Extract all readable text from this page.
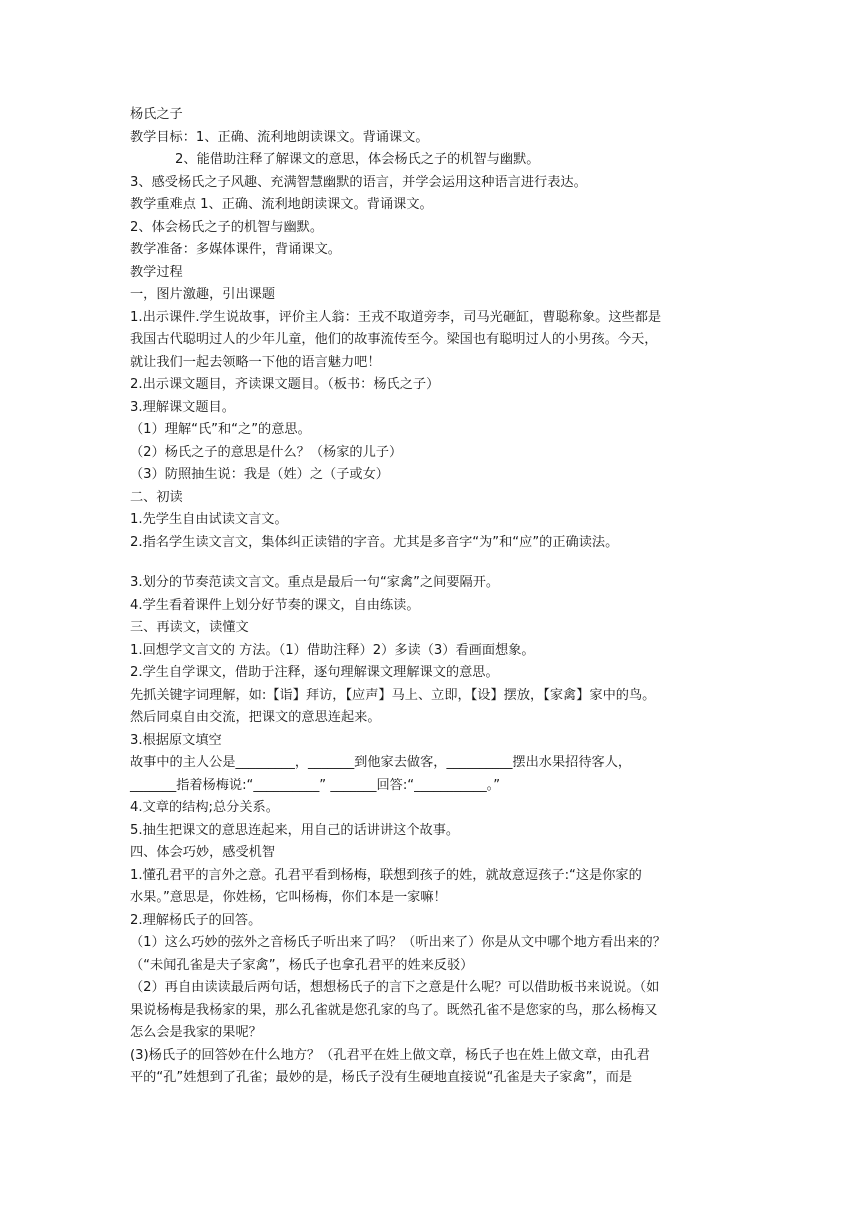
杨氏之子

教学目标：1、正确、流利地朗读课文。背诵课文。

2、能借助注释了解课文的意思，体会杨氏之子的机智与幽默。

3、感受杨氏之子风趣、充满智慧幽默的语言，并学会运用这种语言进行表达。

教学重难点 1、正确、流利地朗读课文。背诵课文。

2、体会杨氏之子的机智与幽默。

教学准备：多媒体课件，背诵课文。

教学过程

一，图片激趣，引出课题

1.出示课件.学生说故事，评价主人翁：王戎不取道旁李，司马光砸缸，曹聪称象。这些都是

我国古代聪明过人的少年儿童，他们的故事流传至今。梁国也有聪明过人的小男孩。今天，

就让我们一起去领略一下他的语言魅力吧！

2.出示课文题目，齐读课文题目。（板书：杨氏之子）

3.理解课文题目。

（1）理解“氏”和“之”的意思。

（2）杨氏之子的意思是什么？（杨家的儿子）

（3）防照抽生说：我是（姓）之（子或女）

二、初读

1.先学生自由试读文言文。

2.指名学生读文言文，集体纠正读错的字音。尤其是多音字“为”和“应”的正确读法。

3.划分的节奏范读文言文。重点是最后一句“家禽”之间要隔开。

4.学生看着课件上划分好节奏的课文，自由练读。

三、再读文，读懂文

1.回想学文言文的 方法。（1）借助注释）2）多读（3）看画面想象。

2.学生自学课文，借助于注释，逐句理解课文理解课文的意思。

先抓关键字词理解，如:【诣】拜访，【应声】马上、立即，【设】摆放，【家禽】家中的鸟。

然后同桌自由交流，把课文的意思连起来。

3.根据原文填空

故事中的主人公是_________，_______到他家去做客，__________摆出水果招待客人，

_______指着杨梅说:“__________” _______回答:“___________。”

4.文章的结构;总分关系。

5.抽生把课文的意思连起来，用自己的话讲讲这个故事。

四、体会巧妙，感受机智

1.懂孔君平的言外之意。孔君平看到杨梅，联想到孩子的姓，就故意逗孩子:“这是你家的

水果。”意思是，你姓杨，它叫杨梅，你们本是一家嘛！

2.理解杨氏子的回答。

（1）这么巧妙的弦外之音杨氏子听出来了吗？（听出来了）你是从文中哪个地方看出来的？

（“未闻孔雀是夫子家禽”，杨氏子也拿孔君平的姓来反驳）

（2）再自由读读最后两句话，想想杨氏子的言下之意是什么呢？可以借助板书来说说。（如

果说杨梅是我杨家的果，那么孔雀就是您孔家的鸟了。既然孔雀不是您家的鸟，那么杨梅又

怎么会是我家的果呢？

(3)杨氏子的回答妙在什么地方？（孔君平在姓上做文章，杨氏子也在姓上做文章，由孔君

平的“孔”姓想到了孔雀；最妙的是，杨氏子没有生硬地直接说“孔雀是夫子家禽”，而是
